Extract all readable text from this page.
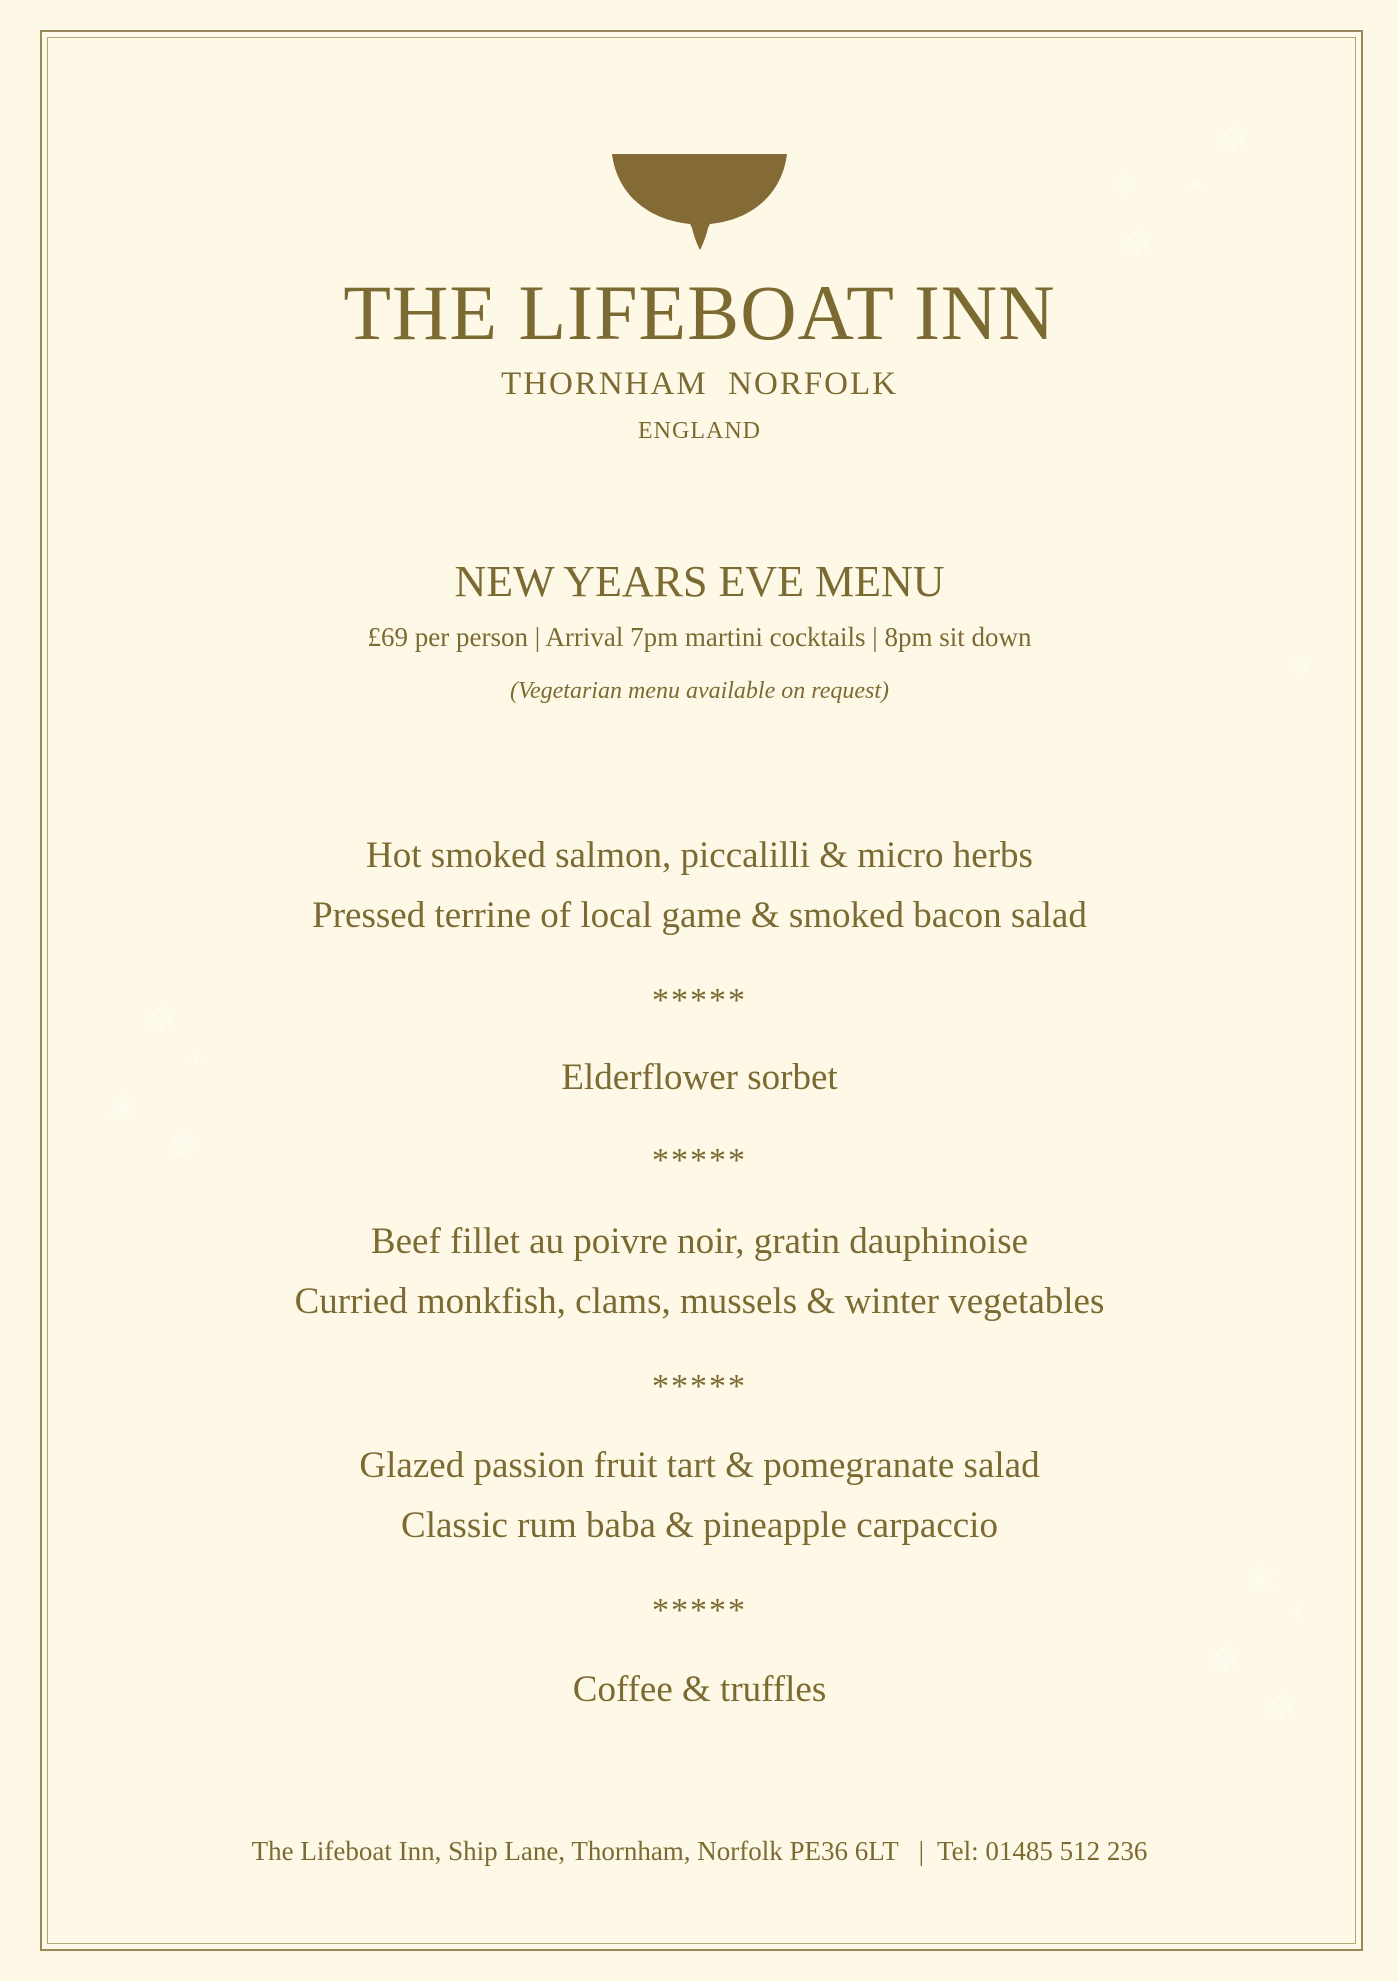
❄
❄	✦
❄
❄
❄
✦
❄
❄
❄
✦
❄
❄
THE LIFEBOAT INN
THORNHAM  NORFOLK
ENGLAND
NEW YEARS EVE MENU
£69 per person | Arrival 7pm martini cocktails | 8pm sit down
(Vegetarian menu available on request)
Hot smoked salmon, piccalilli & micro herbs
Pressed terrine of local game & smoked bacon salad
*****
Elderflower sorbet
*****
Beef fillet au poivre noir, gratin dauphinoise
Curried monkfish, clams, mussels & winter vegetables
*****
Glazed passion fruit tart & pomegranate salad
Classic rum baba & pineapple carpaccio
*****
Coffee & truffles
The Lifeboat Inn, Ship Lane, Thornham, Norfolk PE36 6LT   |  Tel: 01485 512 236
